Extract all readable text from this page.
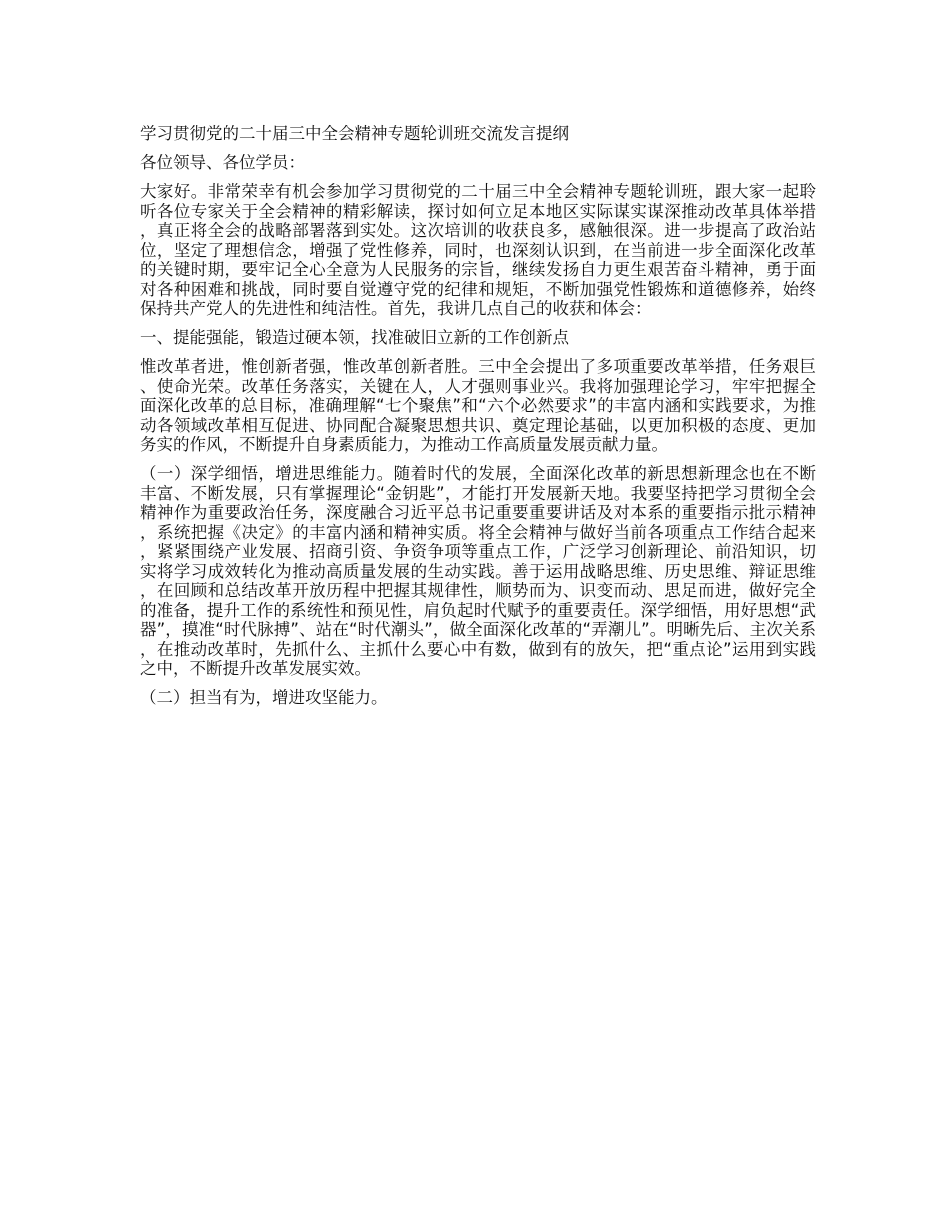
学习贯彻党的二十届三中全会精神专题轮训班交流发言提纲

各位领导、各位学员：

大家好。非常荣幸有机会参加学习贯彻党的二十届三中全会精神专题轮训班，跟大家一起聆听各位专家关于全会精神的精彩解读，探讨如何立足本地区实际谋实谋深推动改革具体举措，真正将全会的战略部署落到实处。这次培训的收获良多，感触很深。进一步提高了政治站位，坚定了理想信念，增强了党性修养，同时，也深刻认识到，在当前进一步全面深化改革的关键时期，要牢记全心全意为人民服务的宗旨，继续发扬自力更生艰苦奋斗精神，勇于面对各种困难和挑战，同时要自觉遵守党的纪律和规矩，不断加强党性锻炼和道德修养，始终保持共产党人的先进性和纯洁性。首先，我讲几点自己的收获和体会：

一、提能强能，锻造过硬本领，找准破旧立新的工作创新点

惟改革者进，惟创新者强，惟改革创新者胜。三中全会提出了多项重要改革举措，任务艰巨、使命光荣。改革任务落实，关键在人，人才强则事业兴。我将加强理论学习，牢牢把握全面深化改革的总目标，准确理解“七个聚焦”和“六个必然要求”的丰富内涵和实践要求，为推动各领域改革相互促进、协同配合凝聚思想共识、奠定理论基础，以更加积极的态度、更加务实的作风，不断提升自身素质能力，为推动工作高质量发展贡献力量。

（一）深学细悟，增进思维能力。随着时代的发展，全面深化改革的新思想新理念也在不断丰富、不断发展，只有掌握理论“金钥匙”，才能打开发展新天地。我要坚持把学习贯彻全会精神作为重要政治任务，深度融合习近平总书记重要重要讲话及对本系的重要指示批示精神，系统把握《决定》的丰富内涵和精神实质。将全会精神与做好当前各项重点工作结合起来，紧紧围绕产业发展、招商引资、争资争项等重点工作，广泛学习创新理论、前沿知识，切实将学习成效转化为推动高质量发展的生动实践。善于运用战略思维、历史思维、辩证思维，在回顾和总结改革开放历程中把握其规律性，顺势而为、识变而动、思足而进，做好完全的准备，提升工作的系统性和预见性，肩负起时代赋予的重要责任。深学细悟，用好思想“武器”，摸准“时代脉搏”、站在“时代潮头”，做全面深化改革的“弄潮儿”。明晰先后、主次关系，在推动改革时，先抓什么、主抓什么要心中有数，做到有的放矢，把“重点论”运用到实践之中，不断提升改革发展实效。

（二）担当有为，增进攻坚能力。
